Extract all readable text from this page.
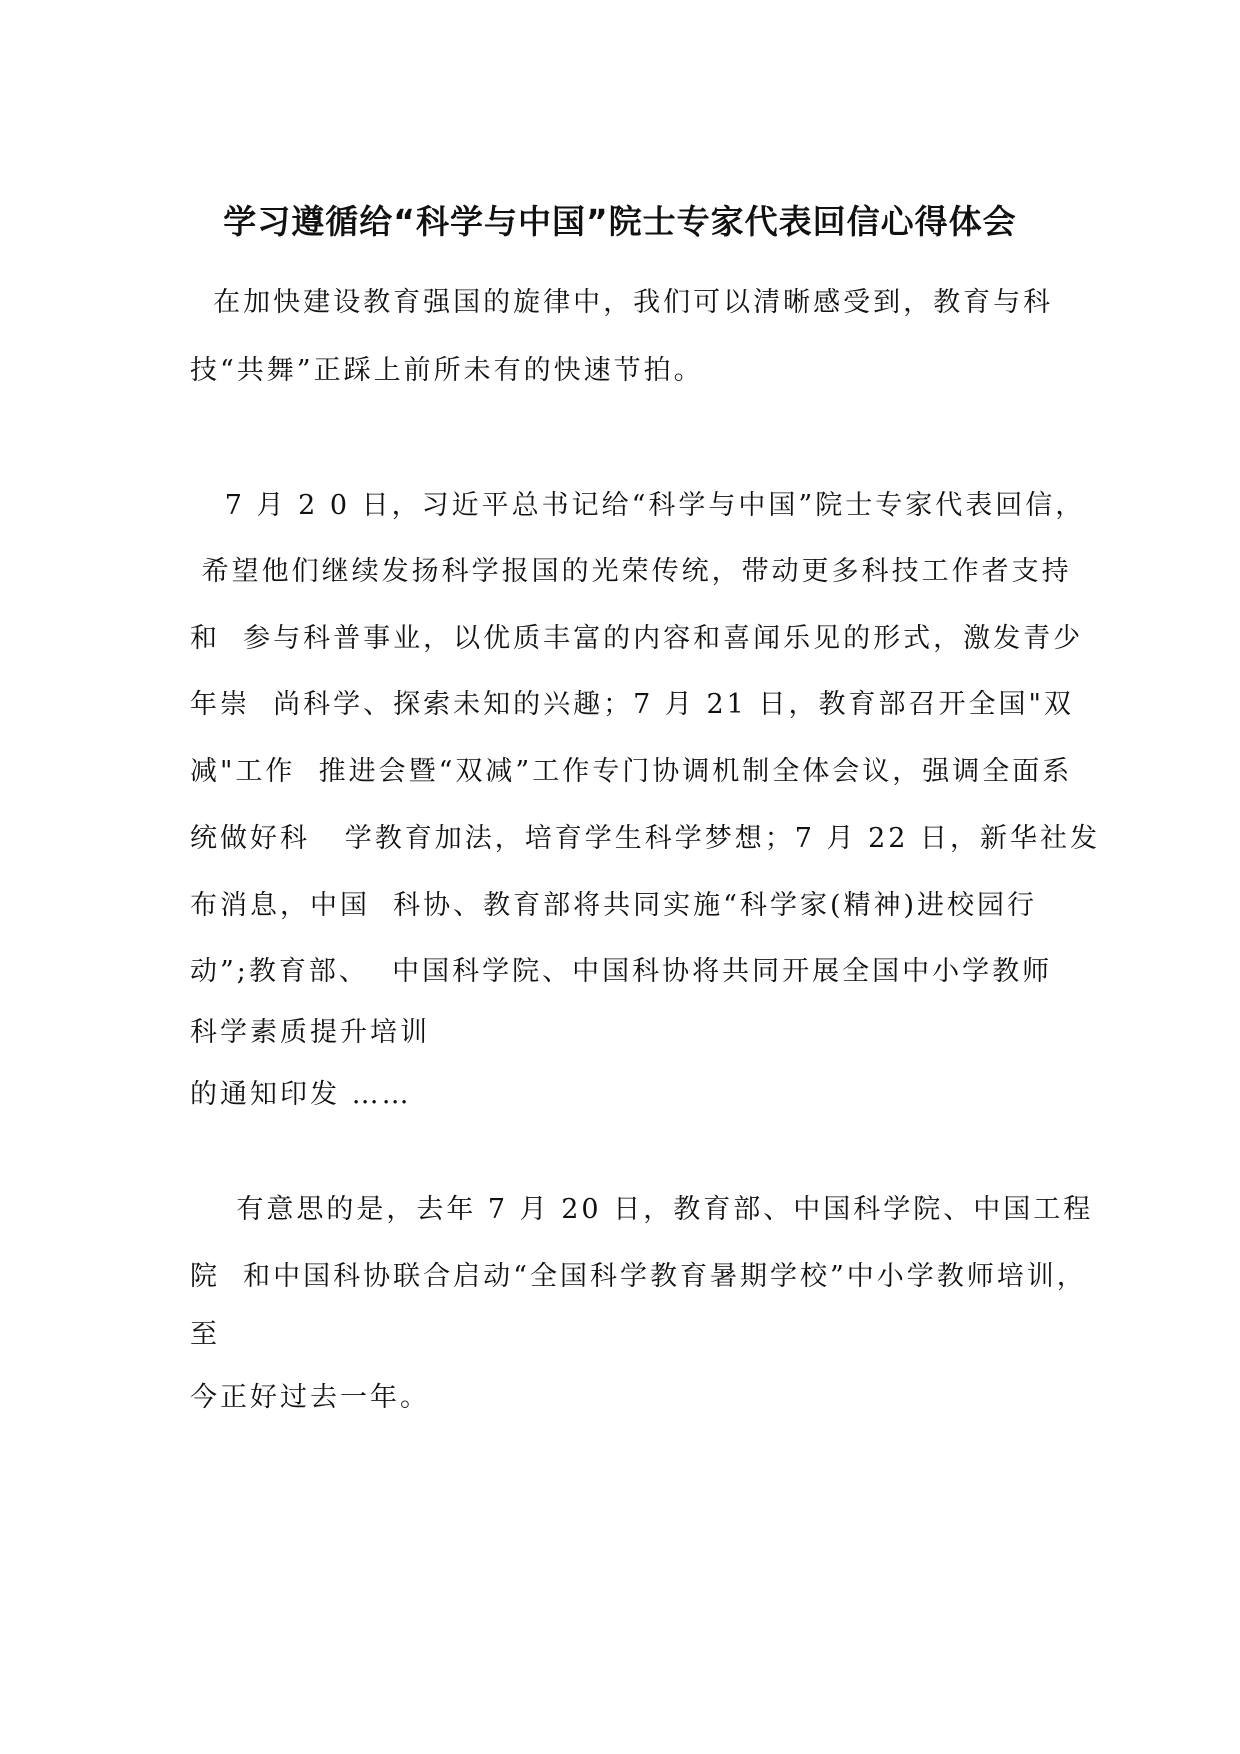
学习遵循给“科学与中国”院士专家代表回信心得体会

在加快建设教育强国的旋律中，我们可以清晰感受到，教育与科

技“共舞”正踩上前所未有的快速节拍。

7 月 2 0 日，习近平总书记给“科学与中国”院士专家代表回信，

希望他们继续发扬科学报国的光荣传统，带动更多科技工作者支持

和  参与科普事业，以优质丰富的内容和喜闻乐见的形式，激发青少

年崇  尚科学、探索未知的兴趣；7 月 21 日，教育部召开全国"双

减"工作  推进会暨“双减”工作专门协调机制全体会议，强调全面系

统做好科   学教育加法，培育学生科学梦想；7 月 22 日，新华社发

布消息，中国  科协、教育部将共同实施“科学家(精神)进校园行

动”;教育部、  中国科学院、中国科协将共同开展全国中小学教师

科学素质提升培训

的通知印发 ……

有意思的是，去年 7 月 20 日，教育部、中国科学院、中国工程

院  和中国科协联合启动“全国科学教育暑期学校”中小学教师培训，

至

今正好过去一年。
